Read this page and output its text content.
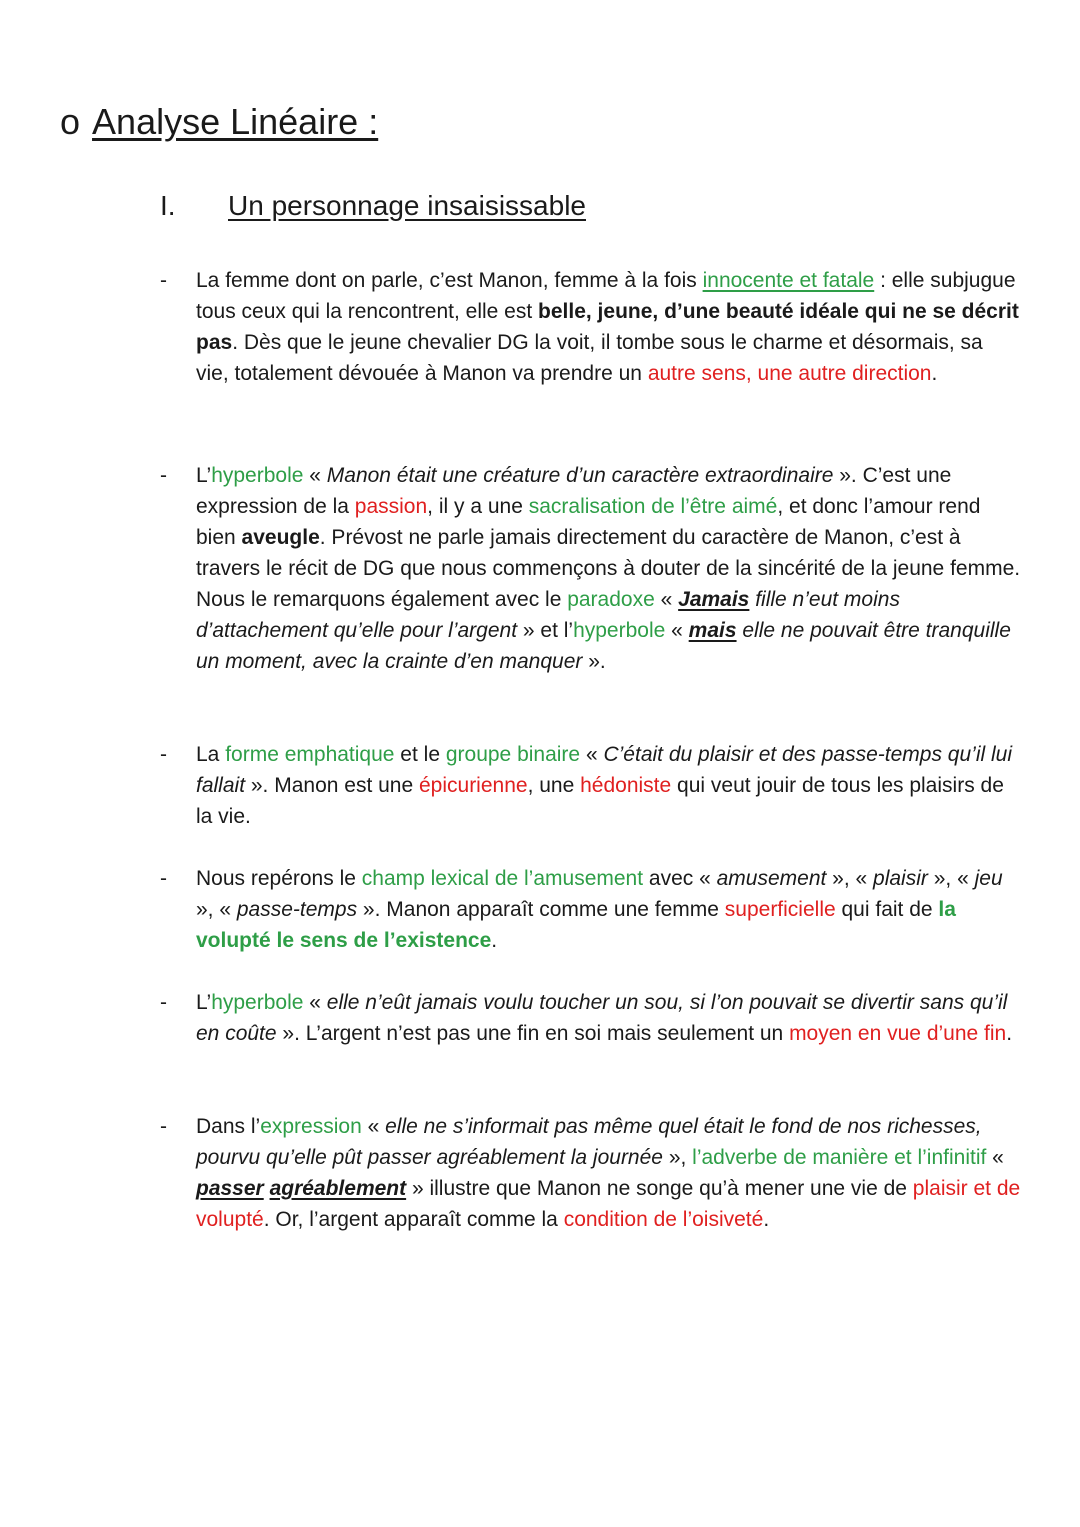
o Analyse Linéaire :
I. Un personnage insaisissable
- La femme dont on parle, c’est Manon, femme à la fois innocente et fatale : elle subjugue tous ceux qui la rencontrent, elle est belle, jeune, d’une beauté idéale qui ne se décrit pas. Dès que le jeune chevalier DG la voit, il tombe sous le charme et désormais, sa vie, totalement dévouée à Manon va prendre un autre sens, une autre direction.

- L’hyperbole « Manon était une créature d’un caractère extraordinaire ». C’est une expression de la passion, il y a une sacralisation de l’être aimé, et donc l’amour rend bien aveugle. Prévost ne parle jamais directement du caractère de Manon, c’est à travers le récit de DG que nous commençons à douter de la sincérité de la jeune femme. Nous le remarquons également avec le paradoxe « Jamais fille n’eut moins d’attachement qu’elle pour l’argent » et l’hyperbole « mais elle ne pouvait être tranquille un moment, avec la crainte d’en manquer ».

- La forme emphatique et le groupe binaire « C’était du plaisir et des passe-temps qu’il lui fallait ». Manon est une épicurienne, une hédoniste qui veut jouir de tous les plaisirs de la vie.

- Nous repérons le champ lexical de l’amusement avec « amusement », « plaisir », « jeu », « passe-temps ». Manon apparaît comme une femme superficielle qui fait de la volupté le sens de l’existence.

- L’hyperbole « elle n’eût jamais voulu toucher un sou, si l’on pouvait se divertir sans qu’il en coûte ». L’argent n’est pas une fin en soi mais seulement un moyen en vue d’une fin.

- Dans l’expression « elle ne s’informait pas même quel était le fond de nos richesses, pourvu qu’elle pût passer agréablement la journée », l’adverbe de manière et l’infinitif « passer agréablement » illustre que Manon ne songe qu’à mener une vie de plaisir et de volupté. Or, l’argent apparaît comme la condition de l’oisiveté.
